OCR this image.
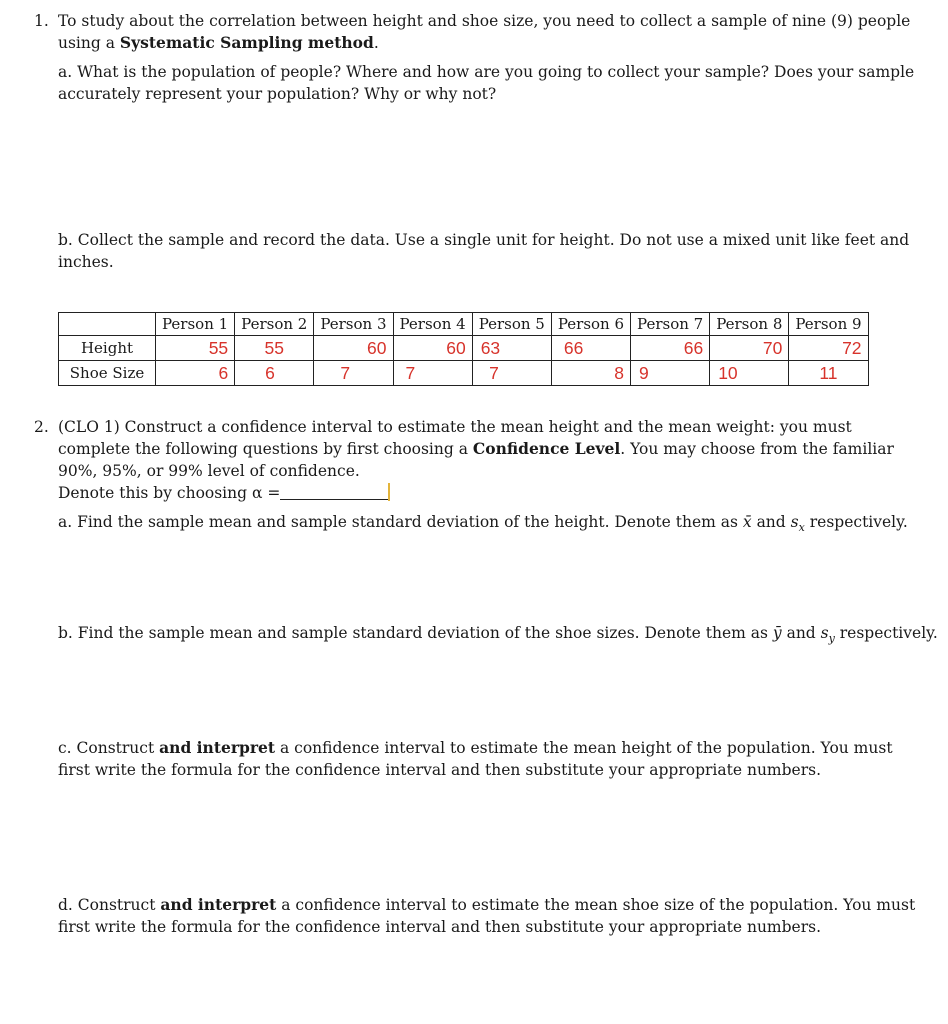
1. To study about the correlation between height and shoe size, you need to collect a sample of nine (9) people using a Systematic Sampling method.

a. What is the population of people? Where and how are you going to collect your sample? Does your sample accurately represent your population? Why or why not?

b. Collect the sample and record the data. Use a single unit for height. Do not use a mixed unit like feet and inches.

	Person 1	Person 2	Person 3	Person 4	Person 5	Person 6	Person 7	Person 8	Person 9
Height	55	55	60	60	63	66	66	70	72
Shoe Size	6	6	7	7	7	8	9	10	11
2. (CLO 1) Construct a confidence interval to estimate the mean height and the mean weight: you must complete the following questions by first choosing a Confidence Level. You may choose from the familiar 90%, 95%, or 99% level of confidence.

Denote this by choosing α =

a. Find the sample mean and sample standard deviation of the height. Denote them as x̄ and $s_x$ respectively.

b. Find the sample mean and sample standard deviation of the shoe sizes. Denote them as ȳ and $s_y$ respectively.

c. Construct and interpret a confidence interval to estimate the mean height of the population. You must first write the formula for the confidence interval and then substitute your appropriate numbers.

d. Construct and interpret a confidence interval to estimate the mean shoe size of the population. You must first write the formula for the confidence interval and then substitute your appropriate numbers.
